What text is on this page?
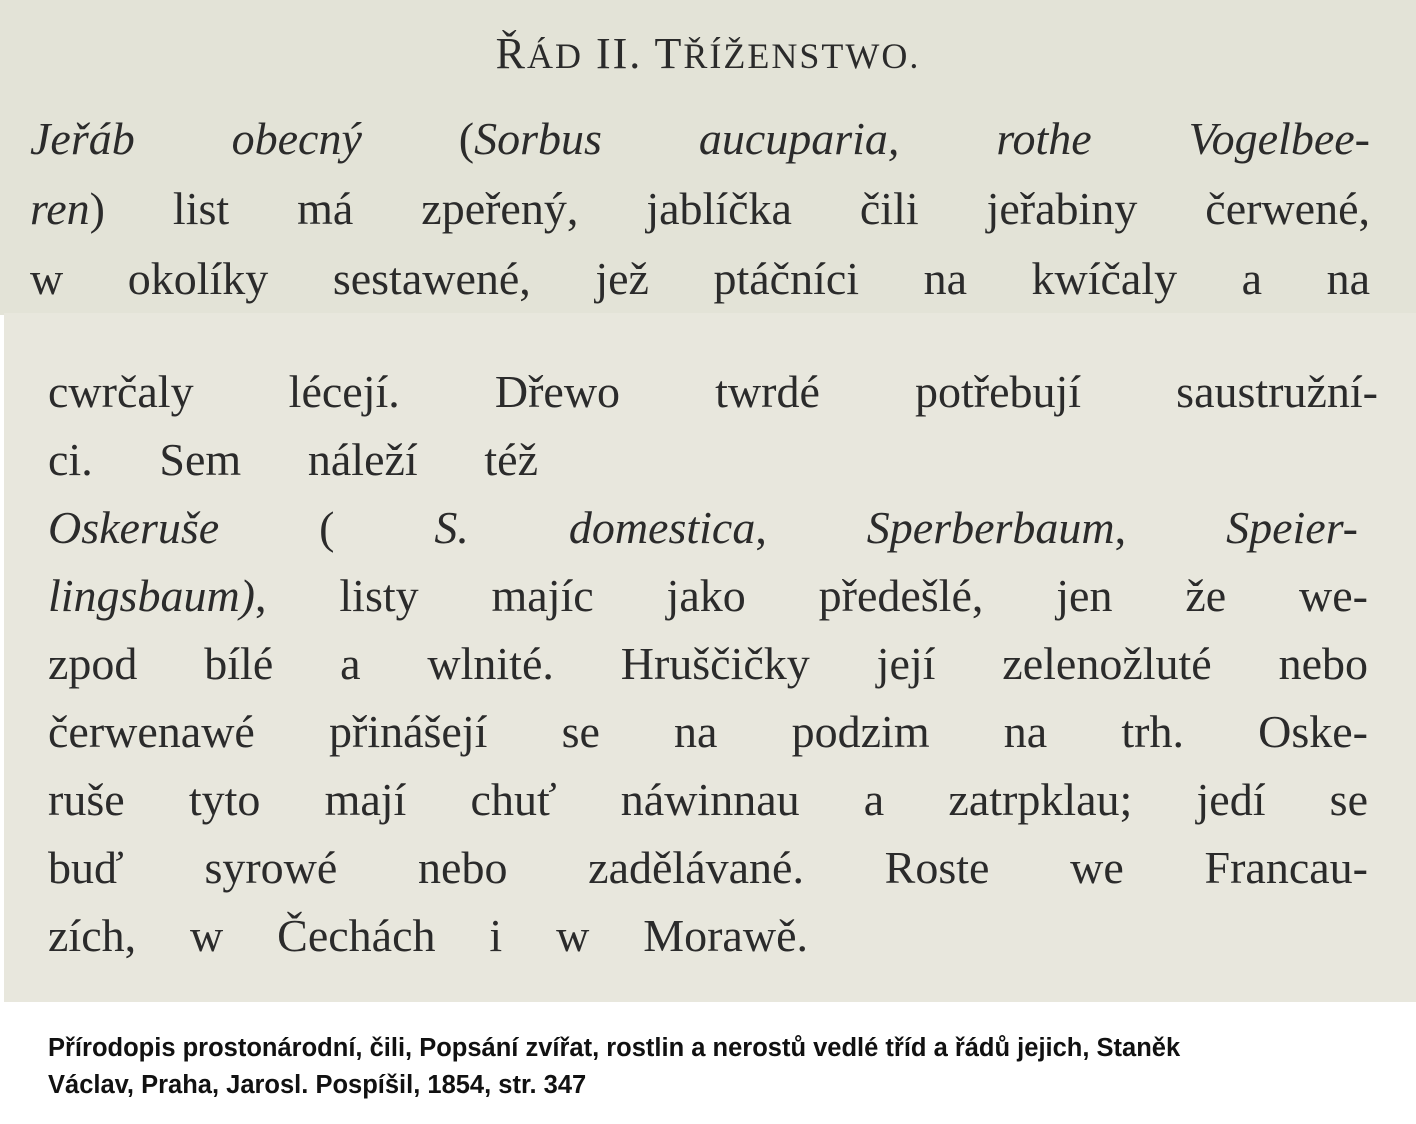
ŘÁD II. TŘÍŽENSTWO.
Jeřáb obecný (Sorbus aucuparia, rothe Vogelbee-
ren) list má zpeřený, jablíčka čili jeřabiny čerwené,
w okolíky sestawené, jež ptáčníci na kwíčaly a na
cwrčaly lécejí. Dřewo twrdé potřebují saustružní-
ci. Sem náleží též
Oskeruše ( S. domestica, Sperberbaum, Speier-
lingsbaum), listy majíc jako předešlé, jen že we-
zpod bílé a wlnité. Hruščičky její zelenožluté nebo
čerwenawé přinášejí se na podzim na trh. Oske-
ruše tyto mají chuť náwinnau a zatrpklau; jedí se
buď syrowé nebo zadělávané. Roste we Francau-
zích, w Čechách i w Morawě.
Přírodopis prostonárodní, čili, Popsání zvířat, rostlin a nerostů vedlé tříd a řádů jejich, Staněk
Václav, Praha, Jarosl. Pospíšil, 1854, str. 347
